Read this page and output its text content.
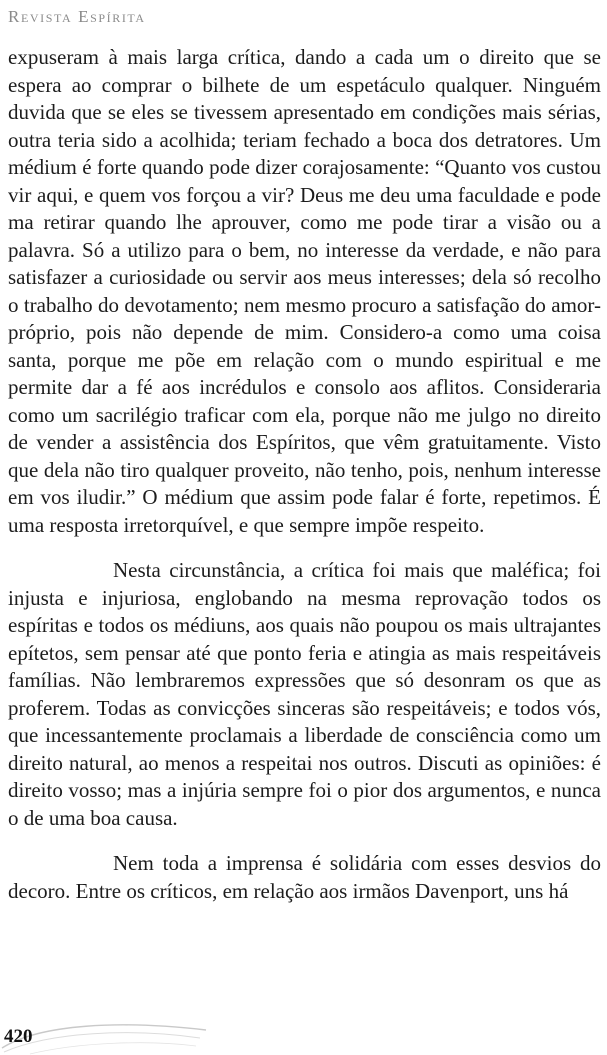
Revista Espírita

expuseram à mais larga crítica, dando a cada um o direito que se espera ao comprar o bilhete de um espetáculo qualquer. Ninguém duvida que se eles se tivessem apresentado em condições mais sérias, outra teria sido a acolhida; teriam fechado a boca dos detratores. Um médium é forte quando pode dizer corajosamente: “Quanto vos custou vir aqui, e quem vos forçou a vir? Deus me deu uma faculdade e pode ma retirar quando lhe aprouver, como me pode tirar a visão ou a palavra. Só a utilizo para o bem, no interesse da verdade, e não para satisfazer a curiosidade ou servir aos meus interesses; dela só recolho o trabalho do devotamento; nem mesmo procuro a satisfação do amor-próprio, pois não depende de mim. Considero-a como uma coisa santa, porque me põe em relação com o mundo espiritual e me permite dar a fé aos incrédulos e consolo aos aflitos. Consideraria como um sacrilégio traficar com ela, porque não me julgo no direito de vender a assistência dos Espíritos, que vêm gratuitamente. Visto que dela não tiro qualquer proveito, não tenho, pois, nenhum interesse em vos iludir.” O médium que assim pode falar é forte, repetimos. É uma resposta irretorquível, e que sempre impõe respeito.

Nesta circunstância, a crítica foi mais que maléfica; foi injusta e injuriosa, englobando na mesma reprovação todos os espíritas e todos os médiuns, aos quais não poupou os mais ultrajantes epítetos, sem pensar até que ponto feria e atingia as mais respeitáveis famílias. Não lembraremos expressões que só desonram os que as proferem. Todas as convicções sinceras são respeitáveis; e todos vós, que incessantemente proclamais a liberdade de consciência como um direito natural, ao menos a respeitai nos outros. Discuti as opiniões: é direito vosso; mas a injúria sempre foi o pior dos argumentos, e nunca o de uma boa causa.

Nem toda a imprensa é solidária com esses desvios do decoro. Entre os críticos, em relação aos irmãos Davenport, uns há

420
